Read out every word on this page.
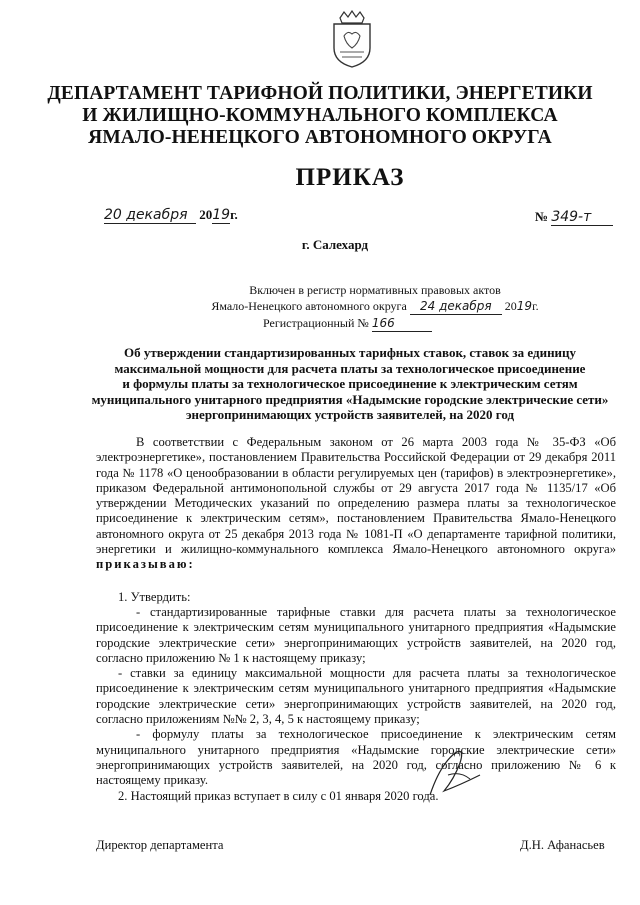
ДЕПАРТАМЕНТ ТАРИФНОЙ ПОЛИТИКИ, ЭНЕРГЕТИКИ
И ЖИЛИЩНО-КОММУНАЛЬНОГО КОМПЛЕКСА
ЯМАЛО-НЕНЕЦКОГО АВТОНОМНОГО ОКРУГА
ПРИКАЗ
20 декабря 2019г.	№ 349-т
г. Салехард
Включен в регистр нормативных правовых актов
Ямало-Ненецкого автономного округа 24 декабря 2019г.
Регистрационный № 166
Об утверждении стандартизированных тарифных ставок, ставок за единицу
максимальной мощности для расчета платы за технологическое присоединение
и формулы платы за технологическое присоединение к электрическим сетям
муниципального унитарного предприятия «Надымские городские электрические сети»
энергопринимающих устройств заявителей, на 2020 год

В соответствии с Федеральным законом от 26 марта 2003 года № 35-ФЗ «Об электроэнергетике», постановлением Правительства Российской Федерации от 29 декабря 2011 года № 1178 «О ценообразовании в области регулируемых цен (тарифов) в электроэнергетике», приказом Федеральной антимонопольной службы от 29 августа 2017 года № 1135/17 «Об утверждении Методических указаний по определению размера платы за технологическое присоединение к электрическим сетям», постановлением Правительства Ямало-Ненецкого автономного округа от 25 декабря 2013 года № 1081-П «О департаменте тарифной политики, энергетики и жилищно-коммунального комплекса Ямало-Ненецкого автономного округа» приказываю:

1. Утвердить:

- стандартизированные тарифные ставки для расчета платы за технологическое присоединение к электрическим сетям муниципального унитарного предприятия «Надымские городские электрические сети» энергопринимающих устройств заявителей, на 2020 год, согласно приложению № 1 к настоящему приказу;

- ставки за единицу максимальной мощности для расчета платы за технологическое присоединение к электрическим сетям муниципального унитарного предприятия «Надымские городские электрические сети» энергопринимающих устройств заявителей, на 2020 год, согласно приложениям №№ 2, 3, 4, 5 к настоящему приказу;

- формулу платы за технологическое присоединение к электрическим сетям муниципального унитарного предприятия «Надымские городские электрические сети» энергопринимающих устройств заявителей, на 2020 год, согласно приложению № 6 к настоящему приказу.

2. Настоящий приказ вступает в силу с 01 января 2020 года.

Директор департамента	Д.Н. Афанасьев
